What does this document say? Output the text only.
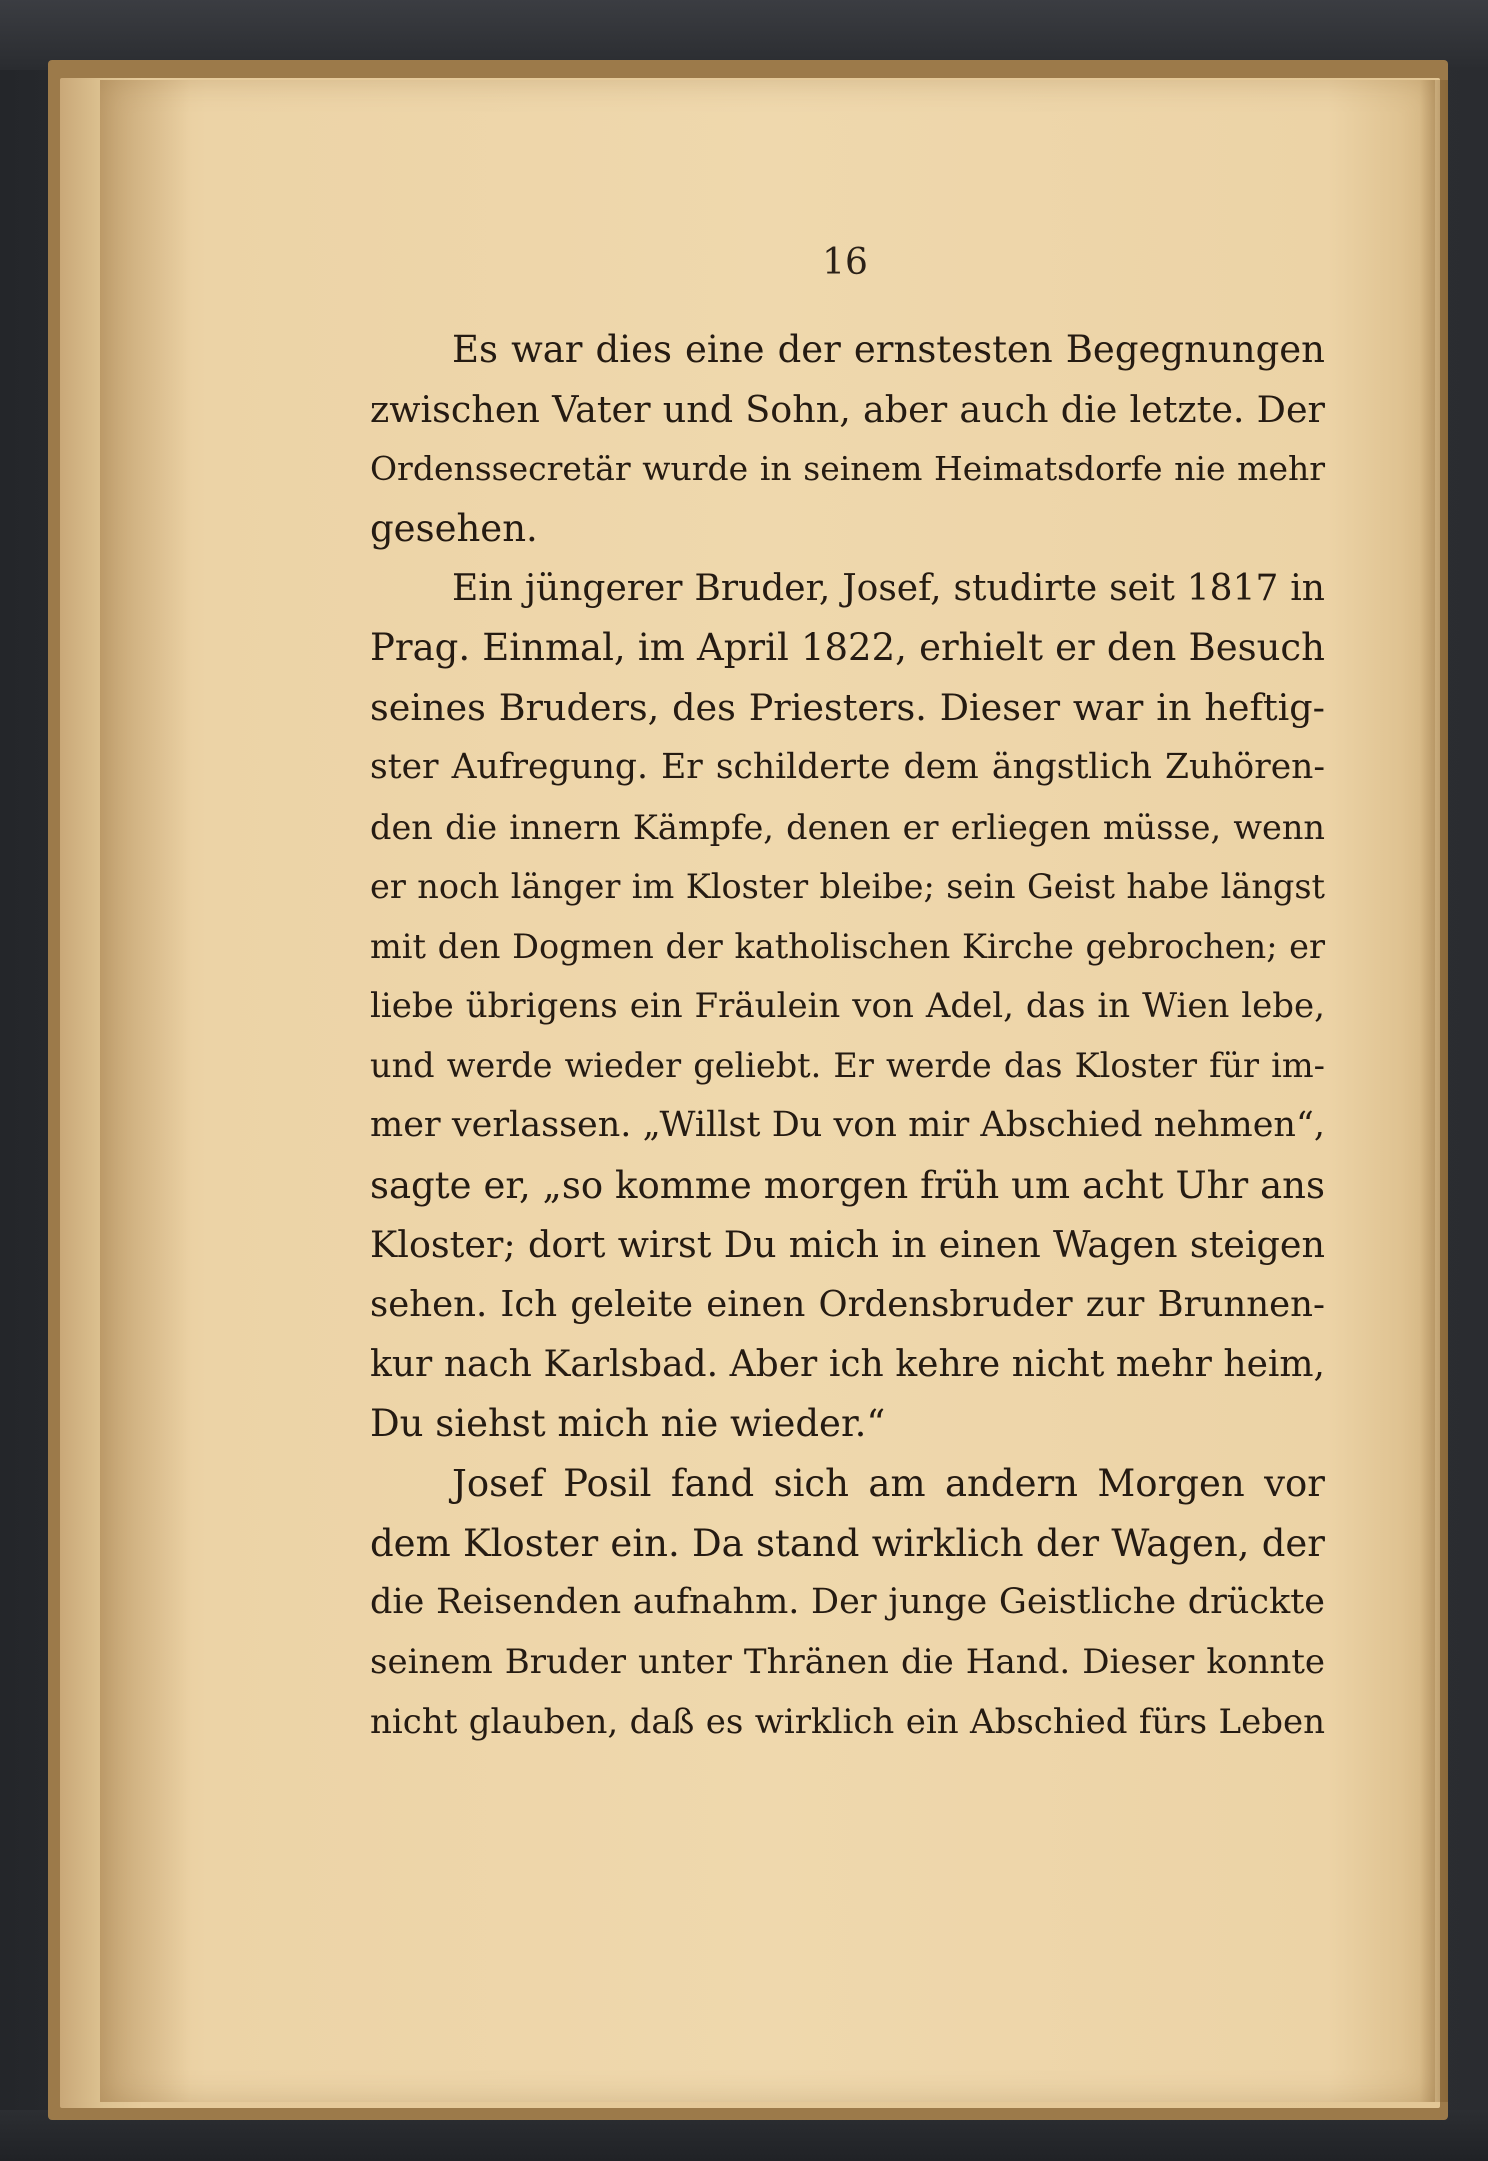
16
Es war dies eine der ernstesten Begegnungen
zwischen Vater und Sohn, aber auch die letzte. Der
Ordenssecretär wurde in seinem Heimatsdorfe nie mehr
gesehen.
Ein jüngerer Bruder, Josef, studirte seit 1817 in
Prag. Einmal, im April 1822, erhielt er den Besuch
seines Bruders, des Priesters. Dieser war in heftig-
ster Aufregung. Er schilderte dem ängstlich Zuhören-
den die innern Kämpfe, denen er erliegen müsse, wenn
er noch länger im Kloster bleibe; sein Geist habe längst
mit den Dogmen der katholischen Kirche gebrochen; er
liebe übrigens ein Fräulein von Adel, das in Wien lebe,
und werde wieder geliebt. Er werde das Kloster für im-
mer verlassen. „Willst Du von mir Abschied nehmen“,
sagte er, „so komme morgen früh um acht Uhr ans
Kloster; dort wirst Du mich in einen Wagen steigen
sehen. Ich geleite einen Ordensbruder zur Brunnen-
kur nach Karlsbad. Aber ich kehre nicht mehr heim,
Du siehst mich nie wieder.“
Josef Posil fand sich am andern Morgen vor
dem Kloster ein. Da stand wirklich der Wagen, der
die Reisenden aufnahm. Der junge Geistliche drückte
seinem Bruder unter Thränen die Hand. Dieser konnte
nicht glauben, daß es wirklich ein Abschied fürs Leben
